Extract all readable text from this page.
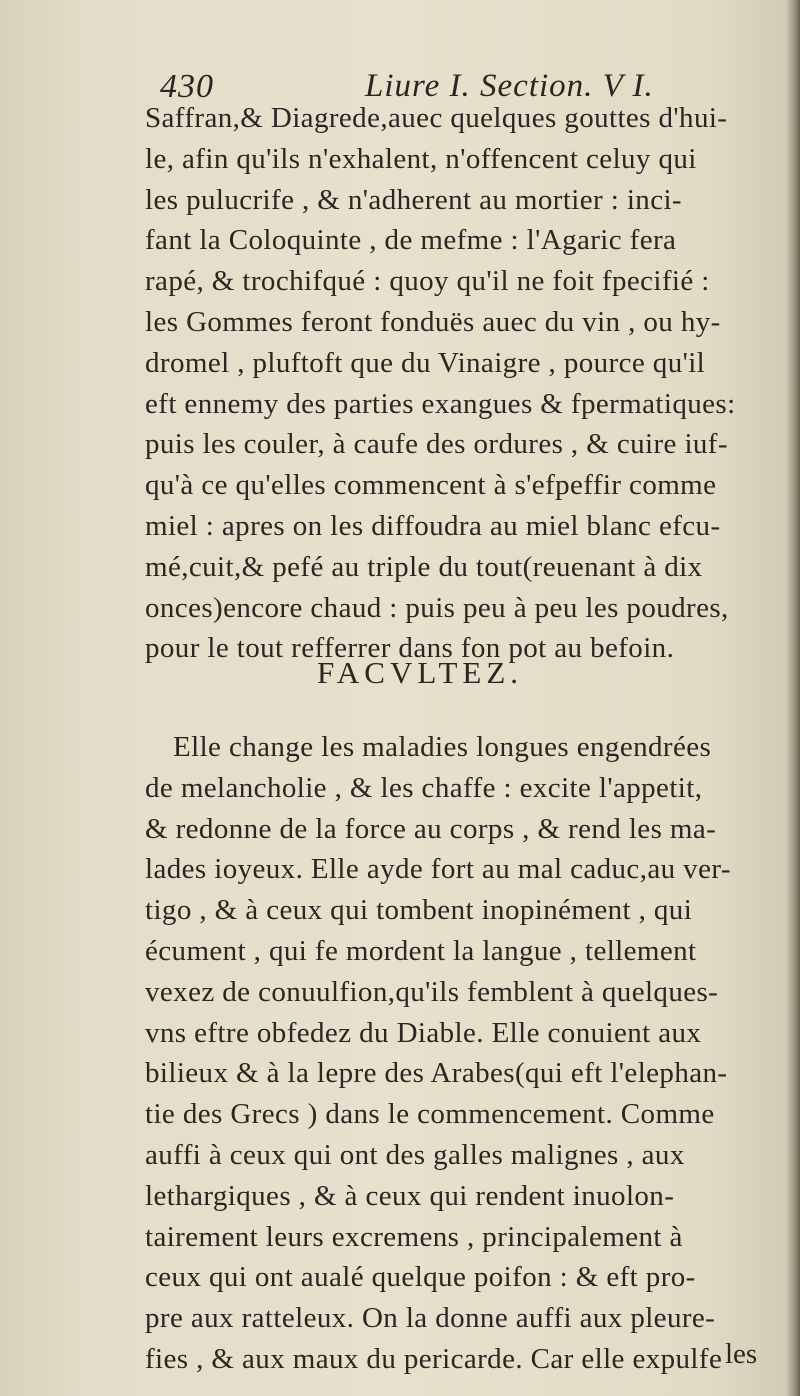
430	Liure I. Section. V I.
Saffran,& Diagrede,auec quelques gouttes d'hui-
le, afin qu'ils n'exhalent, n'offencent celuy qui
les pulucrife , & n'adherent au mortier : inci-
fant la Coloquinte , de mefme : l'Agaric fera
rapé, & trochifqué : quoy qu'il ne foit fpecifié :
les Gommes feront fonduës auec du vin , ou hy-
dromel , pluftoft que du Vinaigre , pource qu'il
eft ennemy des parties exangues & fpermatiques:
puis les couler, à caufe des ordures , & cuire iuf-
qu'à ce qu'elles commencent à s'efpeffir comme
miel : apres on les diffoudra au miel blanc efcu-
mé,cuit,& pefé au triple du tout(reuenant à dix
onces)encore chaud : puis peu à peu les poudres,
pour le tout refferrer dans fon pot au befoin.
FACVLTEZ.
Elle change les maladies longues engendrées
de melancholie , & les chaffe : excite l'appetit,
& redonne de la force au corps , & rend les ma-
lades ioyeux. Elle ayde fort au mal caduc,au ver-
tigo , & à ceux qui tombent inopinément , qui
écument , qui fe mordent la langue , tellement
vexez de conuulfion,qu'ils femblent à quelques-
vns eftre obfedez du Diable. Elle conuient aux
bilieux & à la lepre des Arabes(qui eft l'elephan-
tie des Grecs ) dans le commencement. Comme
auffi à ceux qui ont des galles malignes , aux
lethargiques , & à ceux qui rendent inuolon-
tairement leurs excremens , principalement à
ceux qui ont aualé quelque poifon : & eft pro-
pre aux ratteleux. On la donne auffi aux pleure-
fies , & aux maux du pericarde. Car elle expulfe les
